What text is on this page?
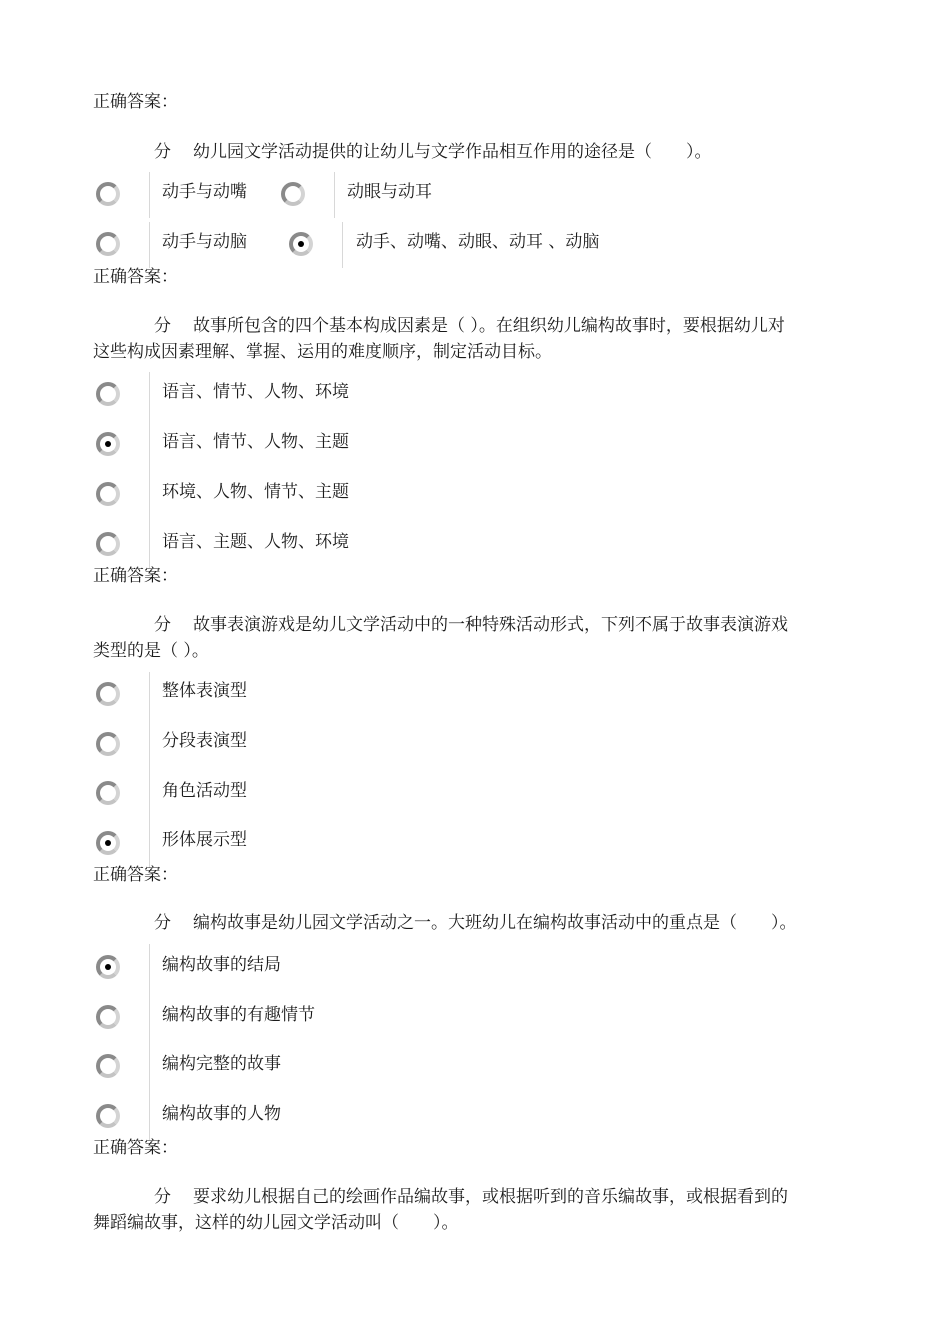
正确答案：
分 幼儿园文学活动提供的让幼儿与文学作品相互作用的途径是（　　）。
动手与动嘴	动眼与动耳
动手与动脑	动手、动嘴、动眼、动耳 、动脑
正确答案：
分 故事所包含的四个基本构成因素是（ ）。在组织幼儿编构故事时，要根据幼儿对
这些构成因素理解、掌握、运用的难度顺序，制定活动目标。
语言、情节、人物、环境
语言、情节、人物、主题
环境、人物、情节、主题
语言、主题、人物、环境
正确答案：
分 故事表演游戏是幼儿文学活动中的一种特殊活动形式，下列不属于故事表演游戏
类型的是（ ）。
整体表演型
分段表演型
角色活动型
形体展示型
正确答案：
分 编构故事是幼儿园文学活动之一。大班幼儿在编构故事活动中的重点是（　　）。
编构故事的结局
编构故事的有趣情节
编构完整的故事
编构故事的人物
正确答案：
分 要求幼儿根据自己的绘画作品编故事，或根据听到的音乐编故事，或根据看到的
舞蹈编故事，这样的幼儿园文学活动叫（　　）。
